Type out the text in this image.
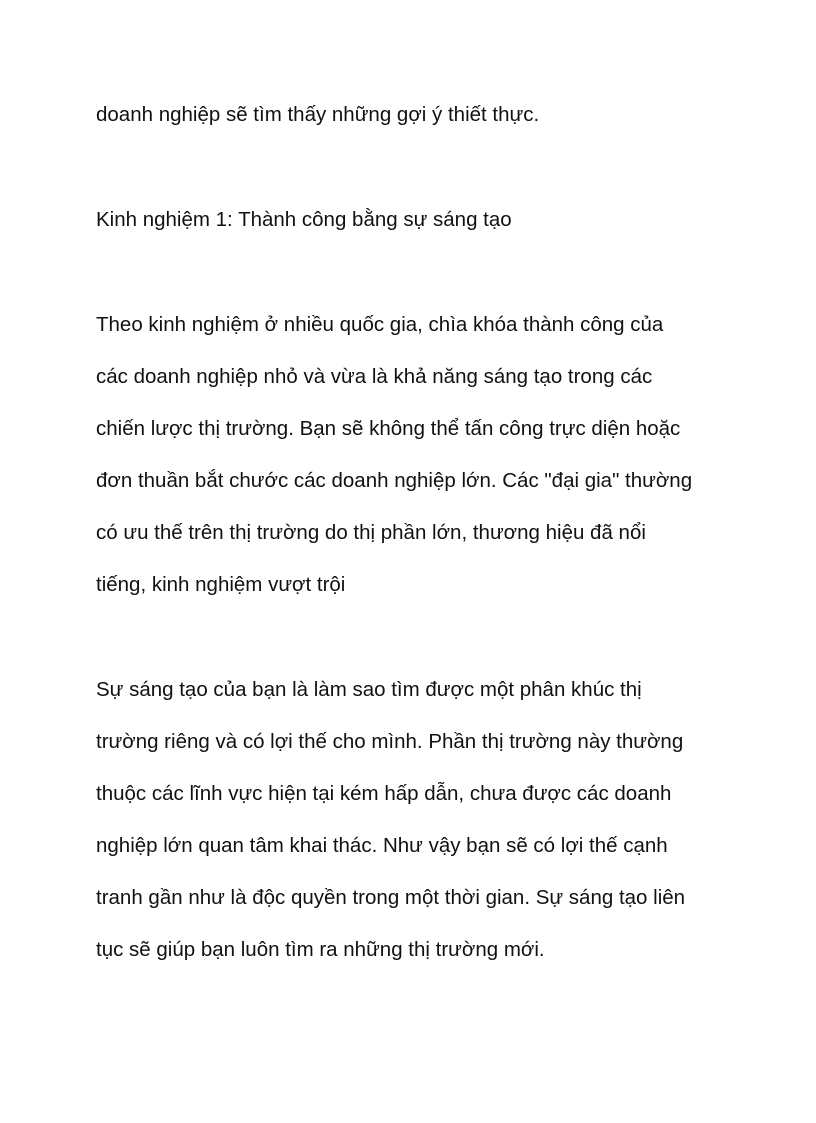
doanh nghiệp sẽ tìm thấy những gợi ý thiết thực.
Kinh nghiệm 1: Thành công bằng sự sáng tạo
Theo kinh nghiệm ở nhiều quốc gia, chìa khóa thành công của
các doanh nghiệp nhỏ và vừa là khả năng sáng tạo trong các
chiến lược thị trường. Bạn sẽ không thể tấn công trực diện hoặc
đơn thuần bắt chước các doanh nghiệp lớn. Các "đại gia" thường
có ưu thế trên thị trường do thị phần lớn, thương hiệu đã nổi
tiếng, kinh nghiệm vượt trội
Sự sáng tạo của bạn là làm sao tìm được một phân khúc thị
trường riêng và có lợi thế cho mình. Phần thị trường này thường
thuộc các lĩnh vực hiện tại kém hấp dẫn, chưa được các doanh
nghiệp lớn quan tâm khai thác. Như vậy bạn sẽ có lợi thế cạnh
tranh gần như là độc quyền trong một thời gian. Sự sáng tạo liên
tục sẽ giúp bạn luôn tìm ra những thị trường mới.
